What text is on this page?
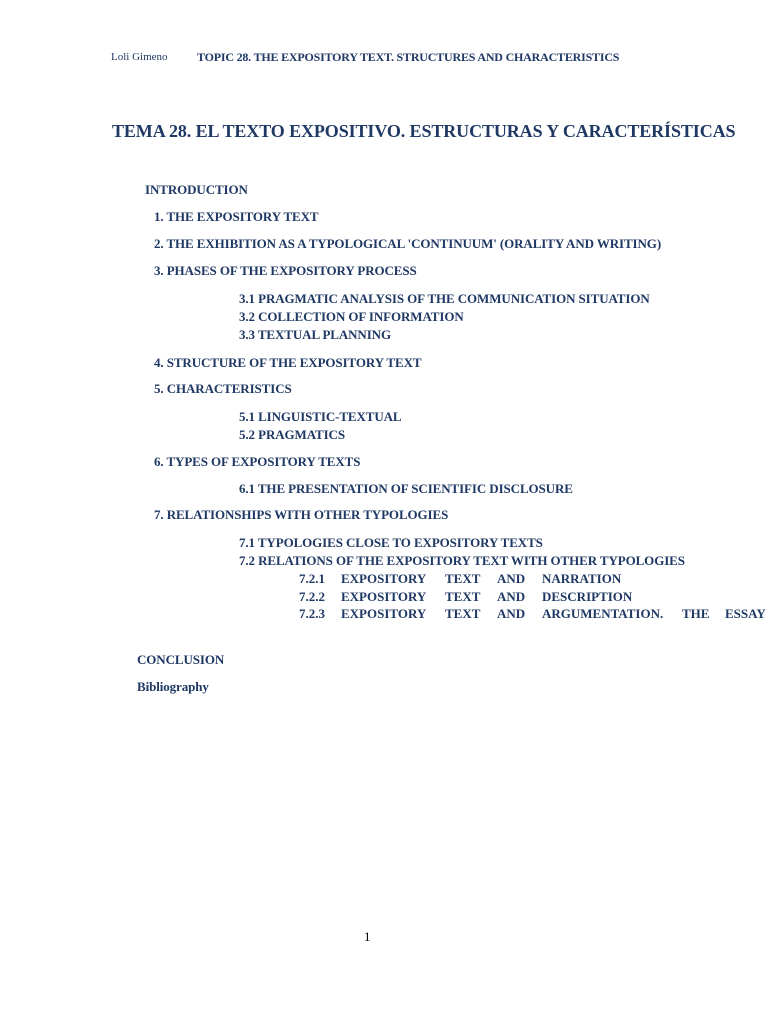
Loli Gimeno TOPIC 28. THE EXPOSITORY TEXT. STRUCTURES AND CHARACTERISTICS
TEMA 28. EL TEXTO EXPOSITIVO. ESTRUCTURAS Y CARACTERÍSTICAS
INTRODUCTION
1. THE EXPOSITORY TEXT
2. THE EXHIBITION AS A TYPOLOGICAL 'CONTINUUM' (ORALITY AND WRITING)
3. PHASES OF THE EXPOSITORY PROCESS
3.1 PRAGMATIC ANALYSIS OF THE COMMUNICATION SITUATION
3.2 COLLECTION OF INFORMATION
3.3 TEXTUAL PLANNING
4. STRUCTURE OF THE EXPOSITORY TEXT
5. CHARACTERISTICS
5.1 LINGUISTIC-TEXTUAL
5.2 PRAGMATICS
6. TYPES OF EXPOSITORY TEXTS
6.1 THE PRESENTATION OF SCIENTIFIC DISCLOSURE
7. RELATIONSHIPS WITH OTHER TYPOLOGIES
7.1 TYPOLOGIES CLOSE TO EXPOSITORY TEXTS
7.2 RELATIONS OF THE EXPOSITORY TEXT WITH OTHER TYPOLOGIES
7.2.1	EXPOSITORY	TEXT	AND	NARRATION
7.2.2	EXPOSITORY	TEXT	AND	DESCRIPTION
7.2.3	EXPOSITORY	TEXT	AND	ARGUMENTATION.	THE	ESSAY
CONCLUSION
Bibliography
1
